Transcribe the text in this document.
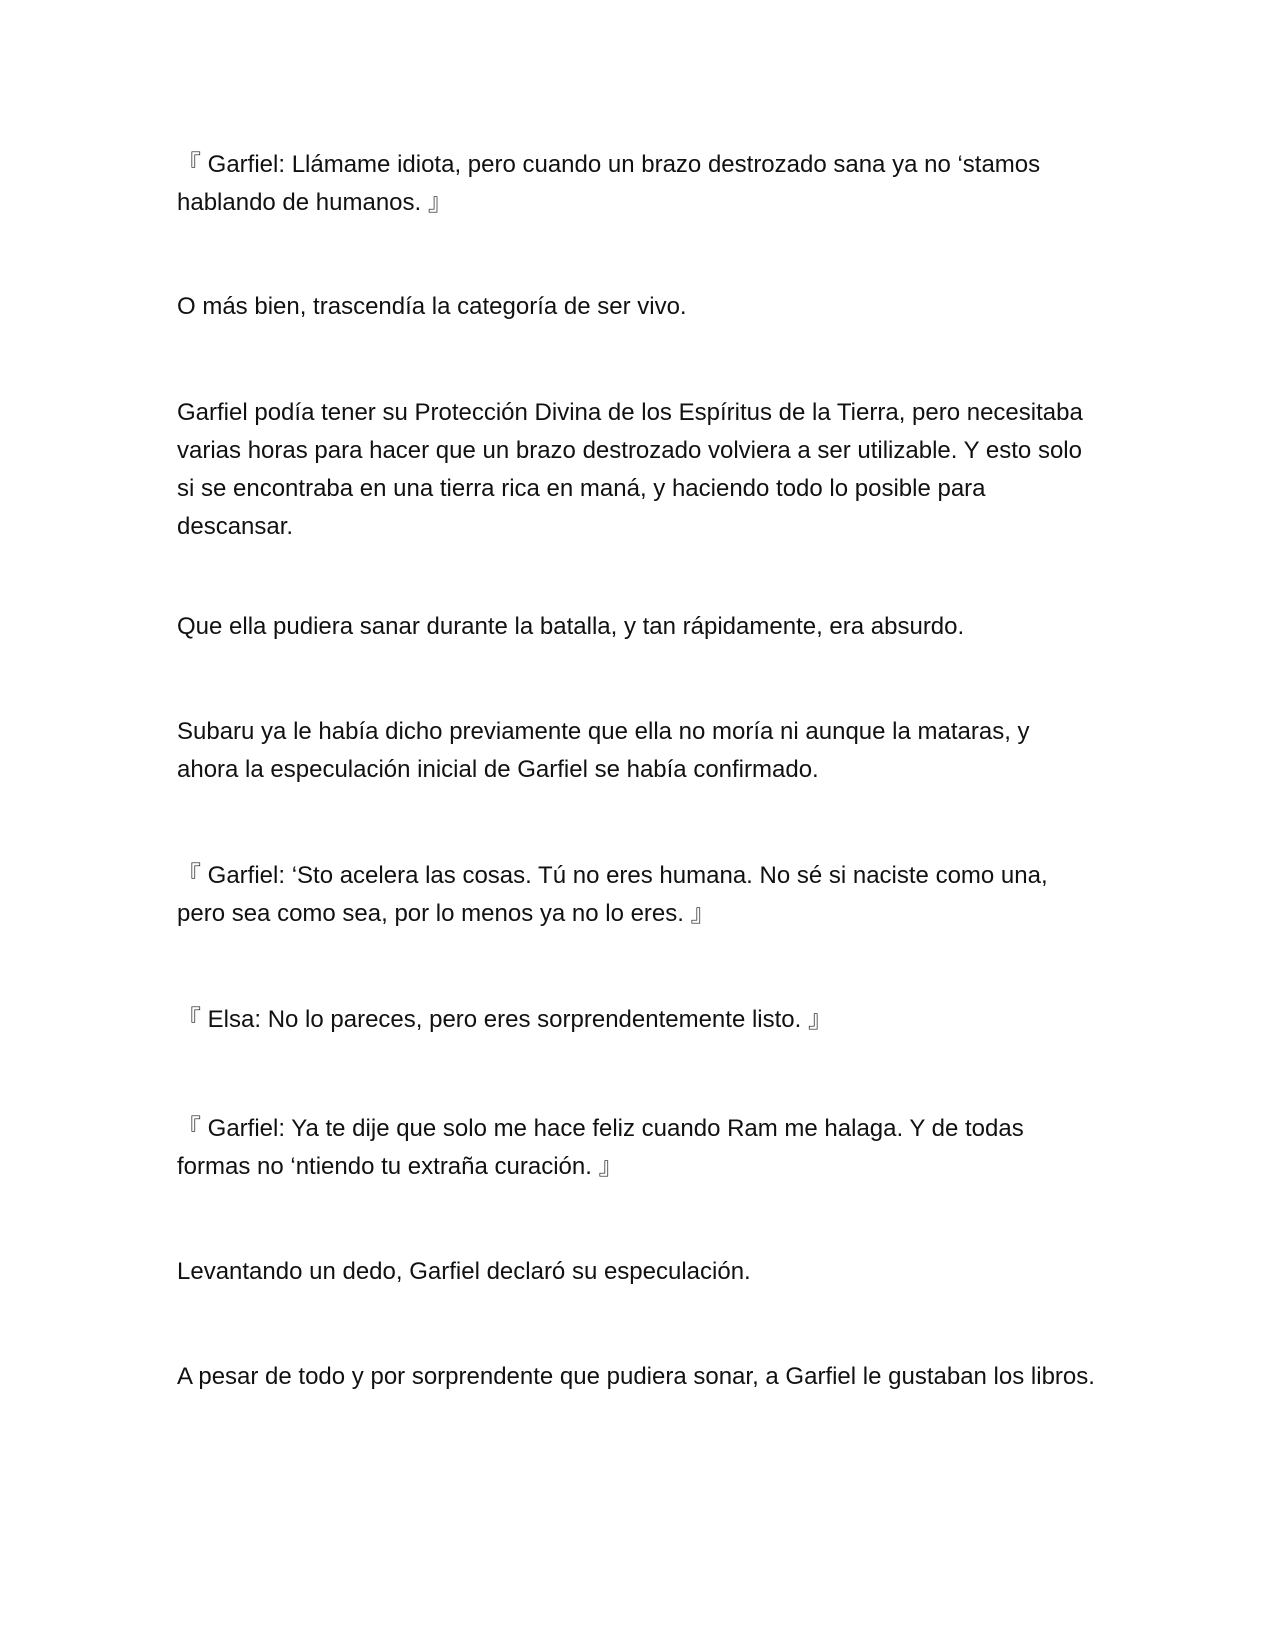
『 Garfiel: Llámame idiota, pero cuando un brazo destrozado sana ya no ‘stamos hablando de humanos. 』

O más bien, trascendía la categoría de ser vivo.

Garfiel podía tener su Protección Divina de los Espíritus de la Tierra, pero necesitaba varias horas para hacer que un brazo destrozado volviera a ser utilizable. Y esto solo si se encontraba en una tierra rica en maná, y haciendo todo lo posible para descansar.

Que ella pudiera sanar durante la batalla, y tan rápidamente, era absurdo.

Subaru ya le había dicho previamente que ella no moría ni aunque la mataras, y ahora la especulación inicial de Garfiel se había confirmado.

『 Garfiel: ‘Sto acelera las cosas. Tú no eres humana. No sé si naciste como una, pero sea como sea, por lo menos ya no lo eres. 』

『 Elsa: No lo pareces, pero eres sorprendentemente listo. 』

『 Garfiel: Ya te dije que solo me hace feliz cuando Ram me halaga. Y de todas formas no ‘ntiendo tu extraña curación. 』

Levantando un dedo, Garfiel declaró su especulación.

A pesar de todo y por sorprendente que pudiera sonar, a Garfiel le gustaban los libros.
